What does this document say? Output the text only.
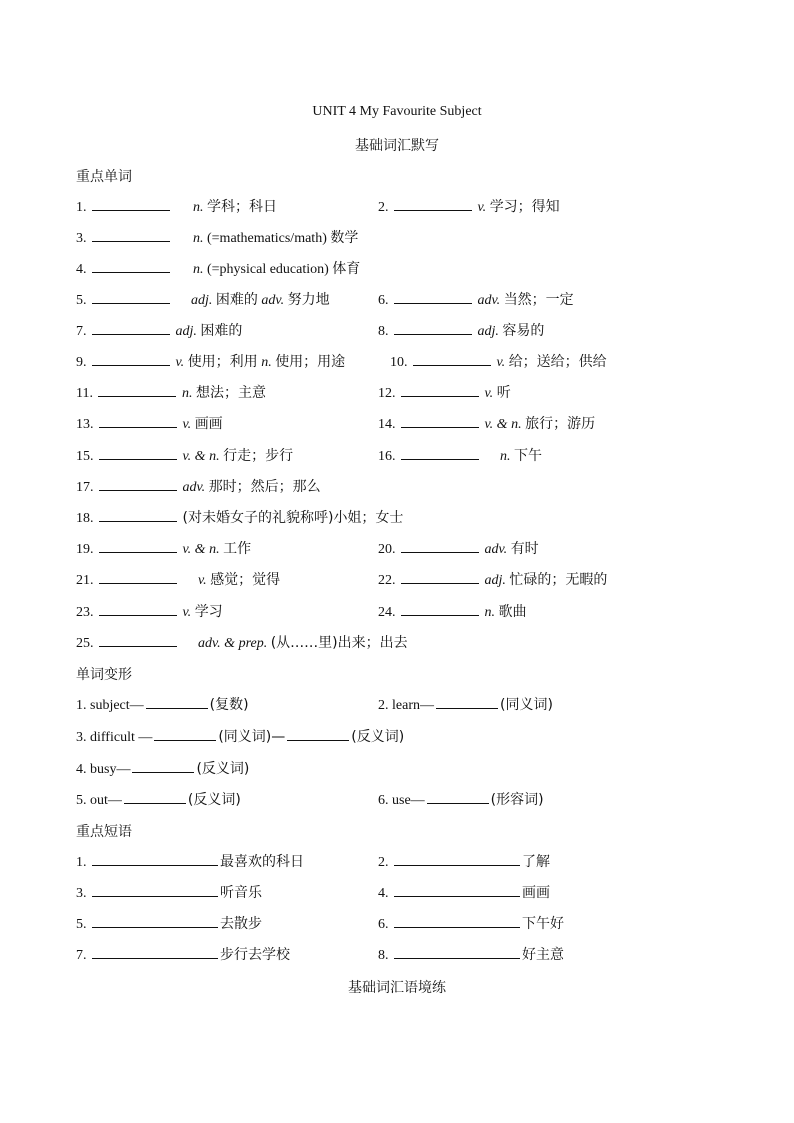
UNIT 4 My Favourite Subject
基础词汇默写
重点单词
1.	n. 学科；科日	2.	v. 学习；得知
3.	n. (=mathematics/math) 数学
4.	n. (=physical education) 体育
5.	adj. 困难的 adv. 努力地	6.	adv. 当然；一定
7.	adj. 困难的	8.	adj. 容易的
9.	v. 使用；利用 n. 使用；用途	10.	v. 给；送给；供给
11.	n. 想法；主意	12.	v. 听
13.	v. 画画	14.	v. & n. 旅行；游历
15.	v. & n. 行走；步行	16.	n. 下午
17.	adv. 那时；然后；那么
18.	(对未婚女子的礼貌称呼)小姐；女士
19.	v. & n. 工作	20.	adv. 有时
21.	v. 感觉；觉得	22.	adj. 忙碌的；无暇的
23.	v. 学习	24.	n. 歌曲
25.	adv. & prep. (从……里)出来；出去
单词变形
1. subject—	(复数)	2. learn—	(同义词)
3. difficult —	(同义词)—	(反义词)
4. busy—	(反义词)
5. out—	(反义词)	6. use—	(形容词)
重点短语
1.	最喜欢的科日	2.	了解
3.	听音乐	4.	画画
5.	去散步	6.	下午好
7.	步行去学校	8.	好主意
基础词汇语境练
